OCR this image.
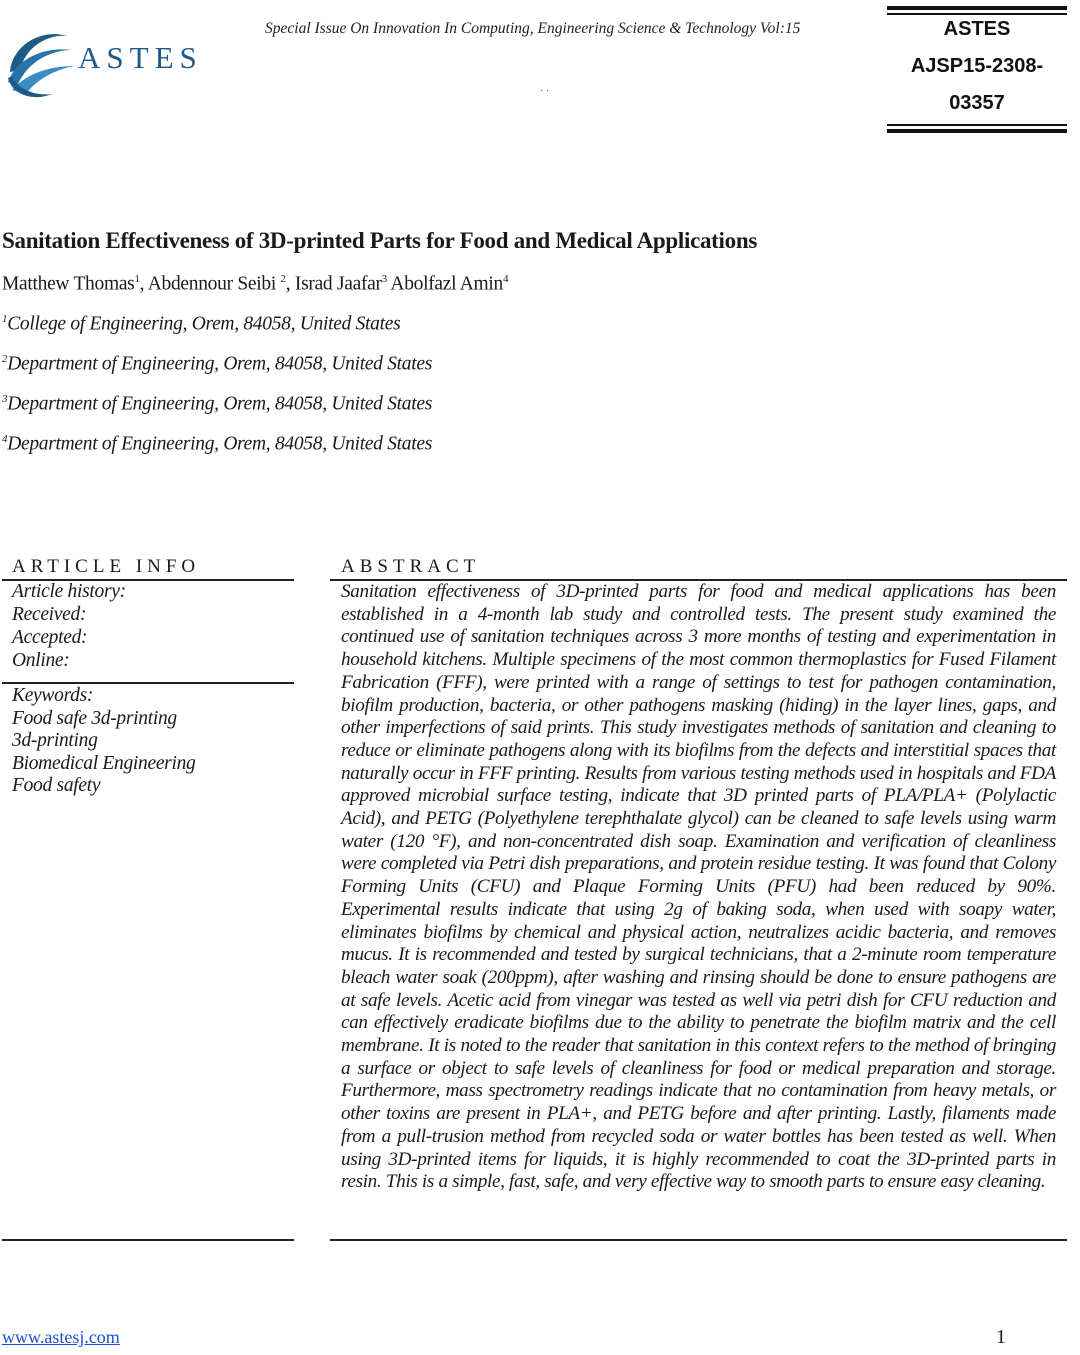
ASTES
Special Issue On Innovation In Computing, Engineering Science & Technology Vol:15
· ·
ASTES
AJSP15-2308-
03357
Sanitation Effectiveness of 3D-printed Parts for Food and Medical Applications
Matthew Thomas$^1$, Abdennour Seibi $^2$, Israd Jaafar$^3$ Abolfazl Amin$^4$
$^1$College of Engineering, Orem, 84058, United States
$^2$Department of Engineering, Orem, 84058, United States
$^3$Department of Engineering, Orem, 84058, United States
$^4$Department of Engineering, Orem, 84058, United States
ARTICLE INFO
Article history:
Received:
Accepted:
Online:
Keywords:
Food safe 3d-printing
3d-printing
Biomedical Engineering
Food safety
ABSTRACT
Sanitation effectiveness of 3D-printed parts for food and medical applications has been established in a 4-month lab study and controlled tests. The present study examined the continued use of sanitation techniques across 3 more months of testing and experimentation in household kitchens. Multiple specimens of the most common thermoplastics for Fused Filament Fabrication (FFF), were printed with a range of settings to test for pathogen contamination, biofilm production, bacteria, or other pathogens masking (hiding) in the layer lines, gaps, and other imperfections of said prints. This study investigates methods of sanitation and cleaning to reduce or eliminate pathogens along with its biofilms from the defects and interstitial spaces that naturally occur in FFF printing. Results from various testing methods used in hospitals and FDA approved microbial surface testing, indicate that 3D printed parts of PLA/PLA+ (Polylactic Acid), and PETG (Polyethylene terephthalate glycol) can be cleaned to safe levels using warm water (120 °F), and non-concentrated dish soap. Examination and verification of cleanliness were completed via Petri dish preparations, and protein residue testing. It was found that Colony Forming Units (CFU) and Plaque Forming Units (PFU) had been reduced by 90%. Experimental results indicate that using 2g of baking soda, when used with soapy water, eliminates biofilms by chemical and physical action, neutralizes acidic bacteria, and removes mucus. It is recommended and tested by surgical technicians, that a 2-minute room temperature bleach water soak (200ppm), after washing and rinsing should be done to ensure pathogens are at safe levels. Acetic acid from vinegar was tested as well via petri dish for CFU reduction and can effectively eradicate biofilms due to the ability to penetrate the biofilm matrix and the cell membrane. It is noted to the reader that sanitation in this context refers to the method of bringing a surface or object to safe levels of cleanliness for food or medical preparation and storage. Furthermore, mass spectrometry readings indicate that no contamination from heavy metals, or other toxins are present in PLA+, and PETG before and after printing. Lastly, filaments made from a pull-trusion method from recycled soda or water bottles has been tested as well. When using 3D-printed items for liquids, it is highly recommended to coat the 3D-printed parts in resin. This is a simple, fast, safe, and very effective way to smooth parts to ensure easy cleaning.
www.astesj.com	1
